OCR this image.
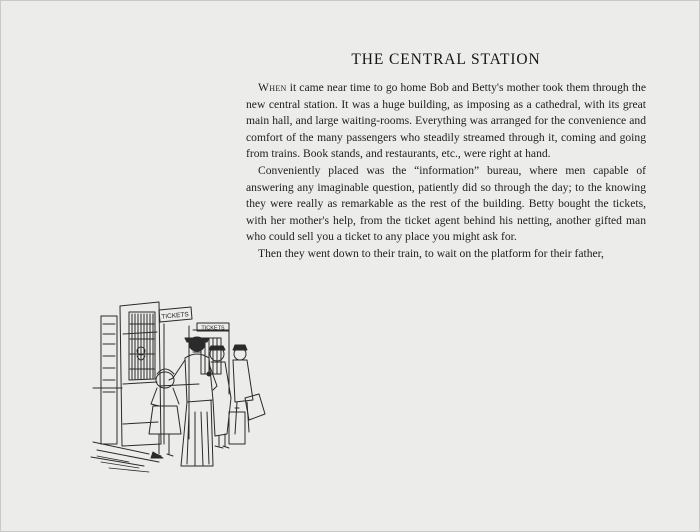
THE CENTRAL STATION

When it came near time to go home Bob and Betty's mother took them through the new central station. It was a huge building, as imposing as a cathedral, with its great main hall, and large waiting-rooms. Everything was arranged for the convenience and comfort of the many passengers who steadily streamed through it, coming and going from trains. Book stands, and restaurants, etc., were right at hand.

Conveniently placed was the “information” bureau, where men capable of answering any imaginable question, patiently did so through the day; to the knowing they were really as remarkable as the rest of the building. Betty bought the tickets, with her mother's help, from the ticket agent behind his netting, another gifted man who could sell you a ticket to any place you might ask for.

Then they went down to their train, to wait on the platform for their father,

TICKETS
TICKETS
